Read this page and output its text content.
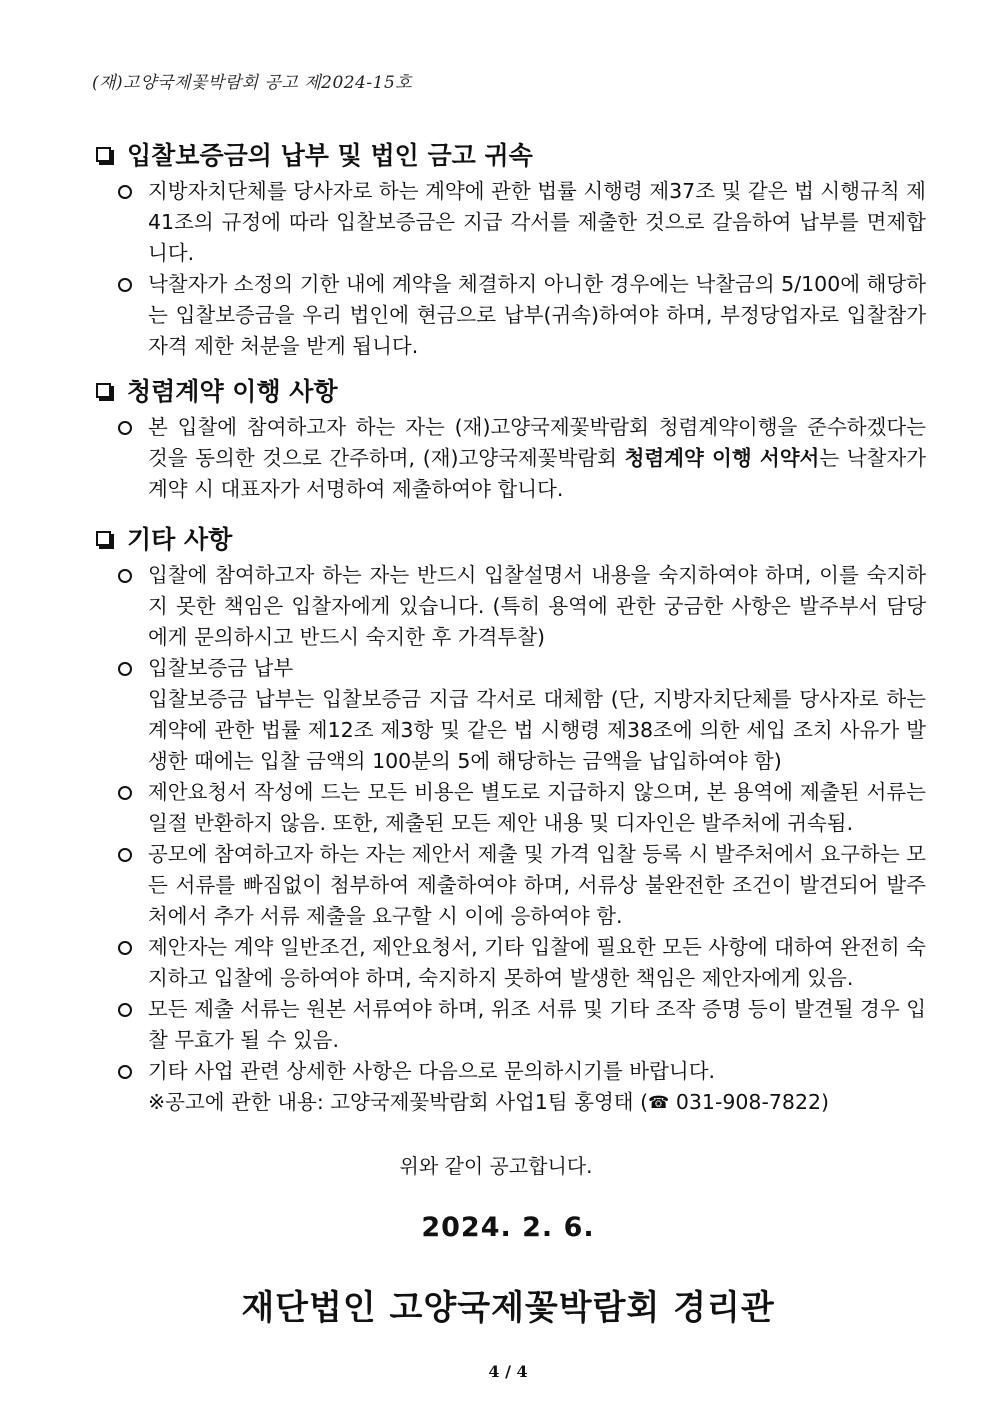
(재)고양국제꽃박람회 공고 제2024-15호
입찰보증금의 납부 및 법인 금고 귀속

지방자치단체를 당사자로 하는 계약에 관한 법률 시행령 제37조 및 같은 법 시행규칙 제41조의 규정에 따라 입찰보증금은 지급 각서를 제출한 것으로 갈음하여 납부를 면제합니다.

낙찰자가 소정의 기한 내에 계약을 체결하지 아니한 경우에는 낙찰금의 5/100에 해당하는 입찰보증금을 우리 법인에 현금으로 납부(귀속)하여야 하며, 부정당업자로 입찰참가자격 제한 처분을 받게 됩니다.

청렴계약 이행 사항

본 입찰에 참여하고자 하는 자는 (재)고양국제꽃박람회 청렴계약이행을 준수하겠다는 것을 동의한 것으로 간주하며, (재)고양국제꽃박람회 청렴계약 이행 서약서는 낙찰자가 계약 시 대표자가 서명하여 제출하여야 합니다.

기타 사항

입찰에 참여하고자 하는 자는 반드시 입찰설명서 내용을 숙지하여야 하며, 이를 숙지하지 못한 책임은 입찰자에게 있습니다. (특히 용역에 관한 궁금한 사항은 발주부서 담당에게 문의하시고 반드시 숙지한 후 가격투찰)

입찰보증금 납부

입찰보증금 납부는 입찰보증금 지급 각서로 대체함 (단, 지방자치단체를 당사자로 하는 계약에 관한 법률 제12조 제3항 및 같은 법 시행령 제38조에 의한 세입 조치 사유가 발생한 때에는 입찰 금액의 100분의 5에 해당하는 금액을 납입하여야 함)

제안요청서 작성에 드는 모든 비용은 별도로 지급하지 않으며, 본 용역에 제출된 서류는 일절 반환하지 않음. 또한, 제출된 모든 제안 내용 및 디자인은 발주처에 귀속됨.

공모에 참여하고자 하는 자는 제안서 제출 및 가격 입찰 등록 시 발주처에서 요구하는 모든 서류를 빠짐없이 첨부하여 제출하여야 하며, 서류상 불완전한 조건이 발견되어 발주처에서 추가 서류 제출을 요구할 시 이에 응하여야 함.

제안자는 계약 일반조건, 제안요청서, 기타 입찰에 필요한 모든 사항에 대하여 완전히 숙지하고 입찰에 응하여야 하며, 숙지하지 못하여 발생한 책임은 제안자에게 있음.

모든 제출 서류는 원본 서류여야 하며, 위조 서류 및 기타 조작 증명 등이 발견될 경우 입찰 무효가 될 수 있음.

기타 사업 관련 상세한 사항은 다음으로 문의하시기를 바랍니다.

※공고에 관한 내용: 고양국제꽃박람회 사업1팀 홍영태 (☎ 031-908-7822)

위와 같이 공고합니다.
2024. 2. 6.
재단법인 고양국제꽃박람회 경리관
4 / 4
